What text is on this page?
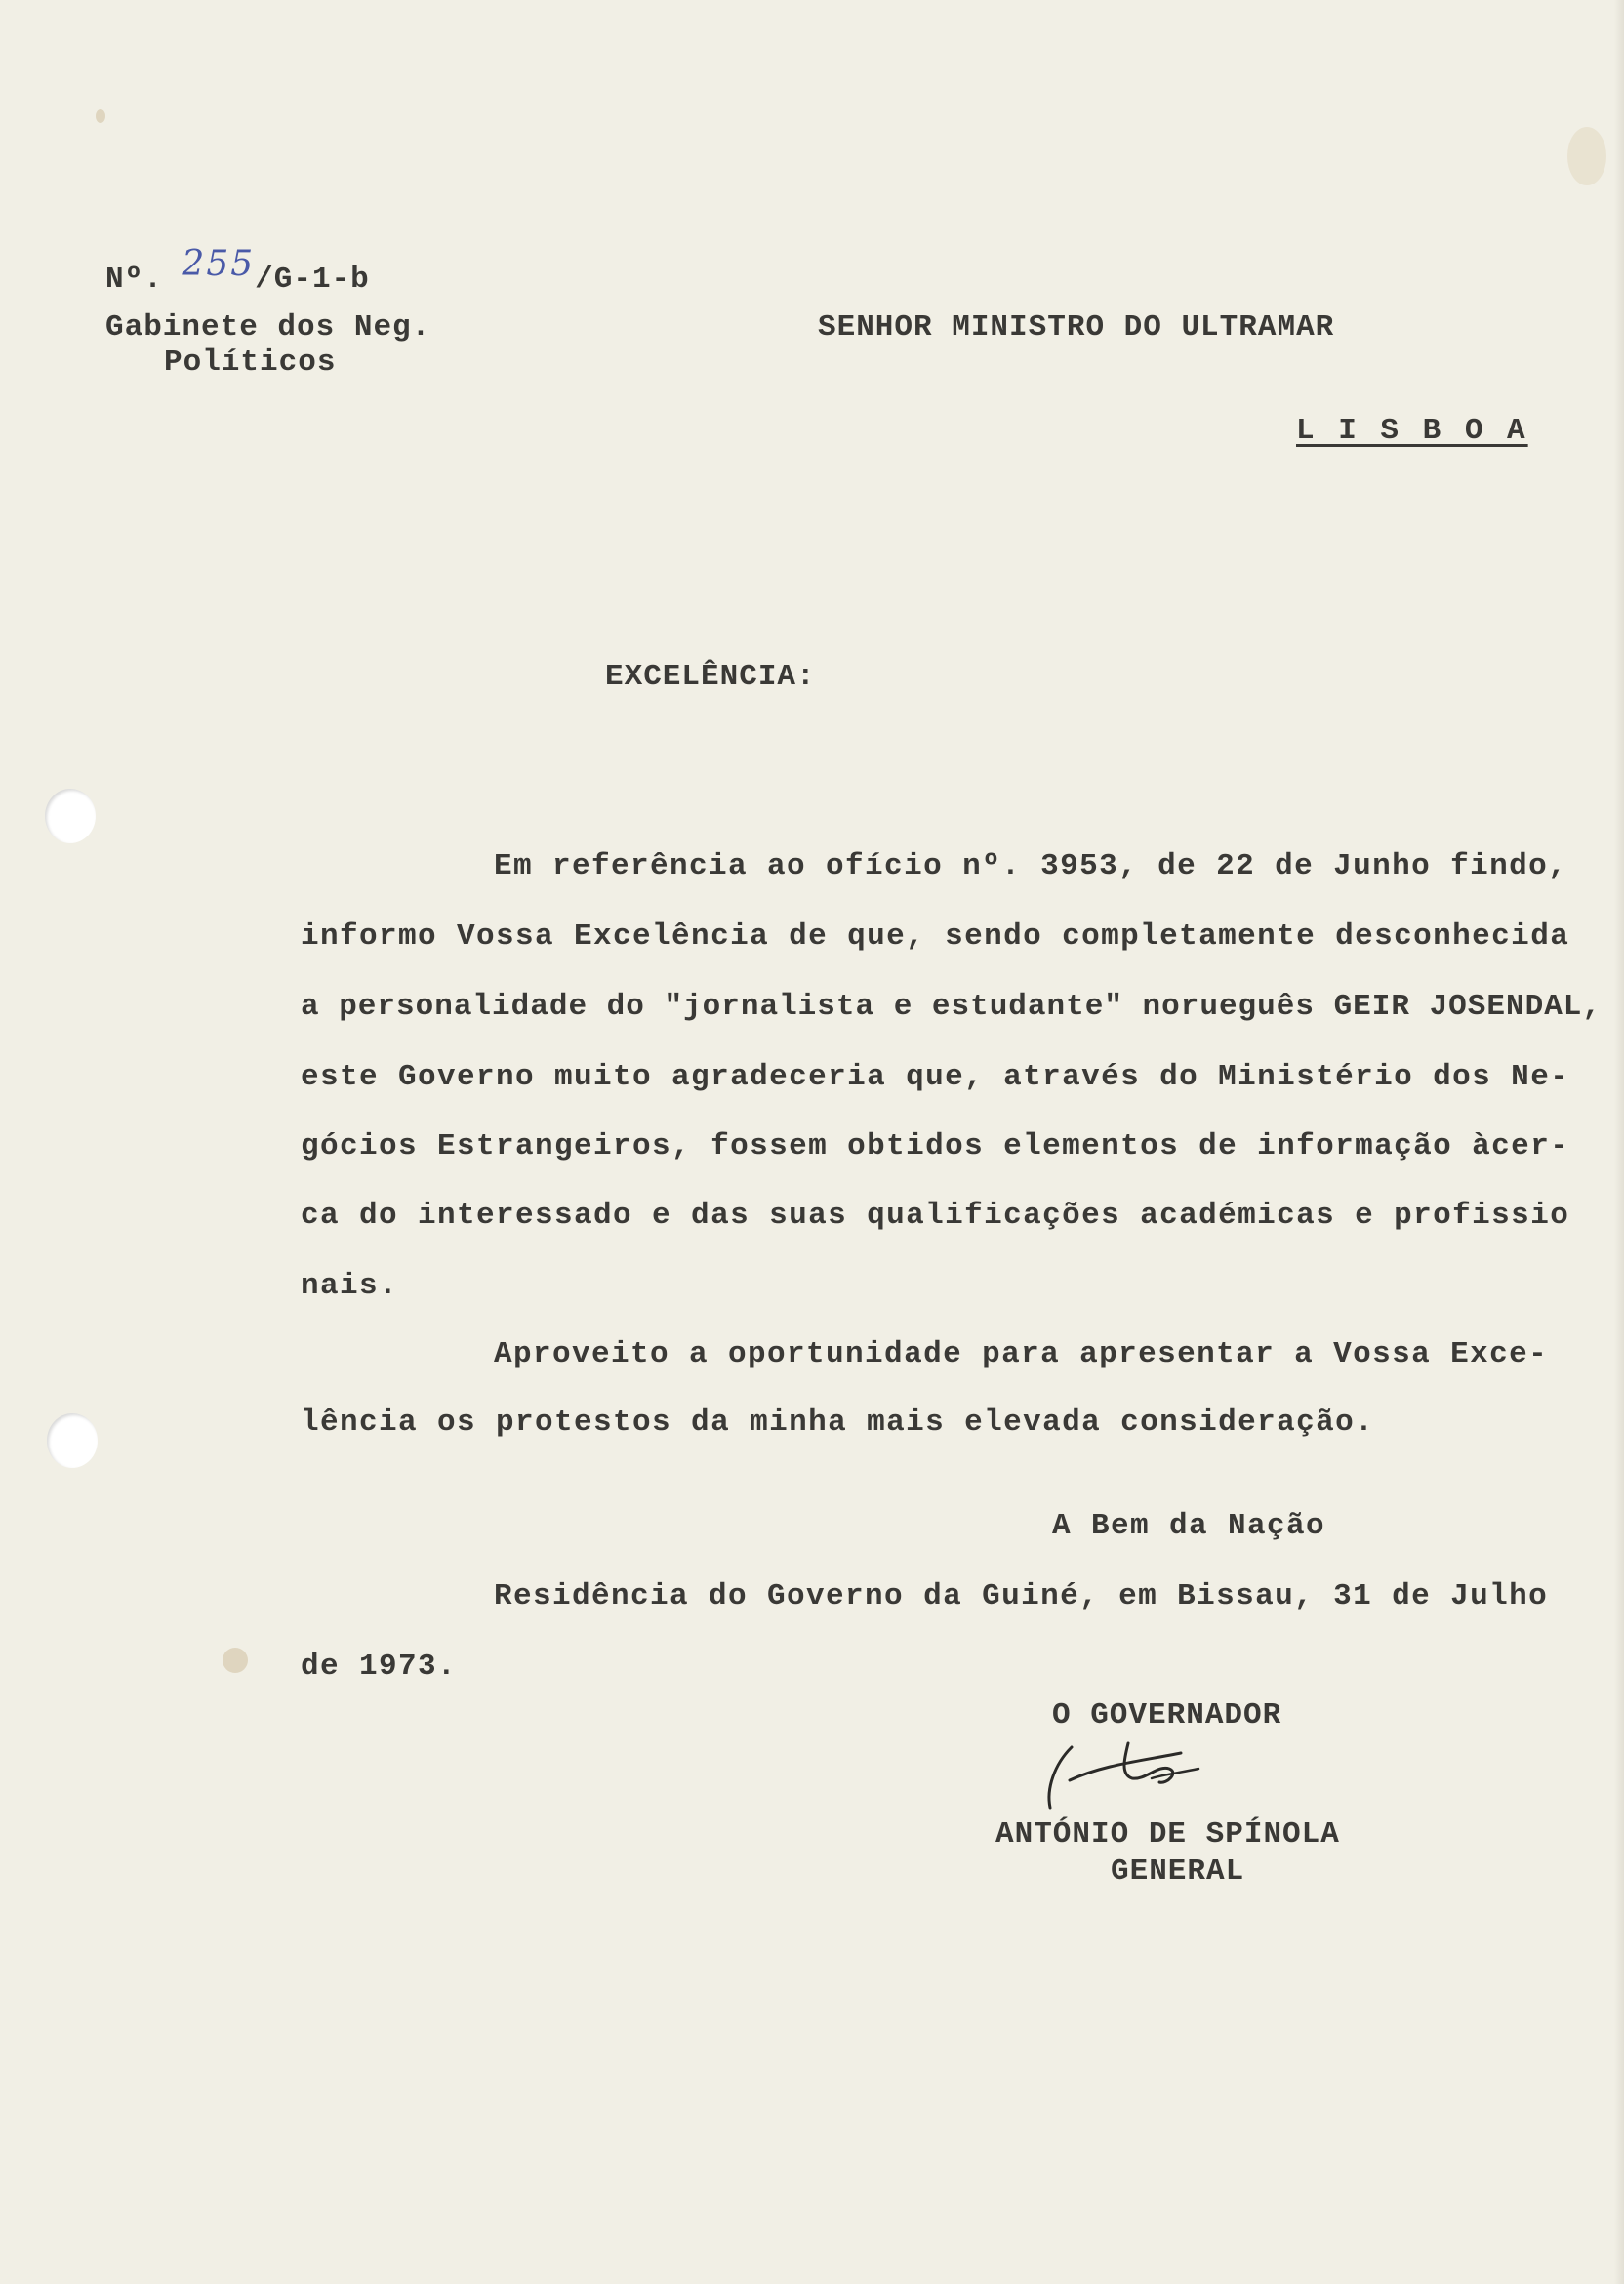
Nº. 255/G-1-b
Gabinete dos Neg.
Políticos
SENHOR MINISTRO DO ULTRAMAR
L I S B O A
EXCELÊNCIA:
Em referência ao ofício nº. 3953, de 22 de Junho findo,
informo Vossa Excelência de que, sendo completamente desconhecida
a personalidade do "jornalista e estudante" norueguês GEIR JOSENDAL,
este Governo muito agradeceria que, através do Ministério dos Ne-
gócios Estrangeiros, fossem obtidos elementos de informação àcer-
ca do interessado e das suas qualificações académicas e profissio
nais.
Aproveito a oportunidade para apresentar a Vossa Exce-
lência os protestos da minha mais elevada consideração.
A Bem da Nação
Residência do Governo da Guiné, em Bissau, 31 de Julho
de 1973.
O GOVERNADOR
ANTÓNIO DE SPÍNOLA
GENERAL
